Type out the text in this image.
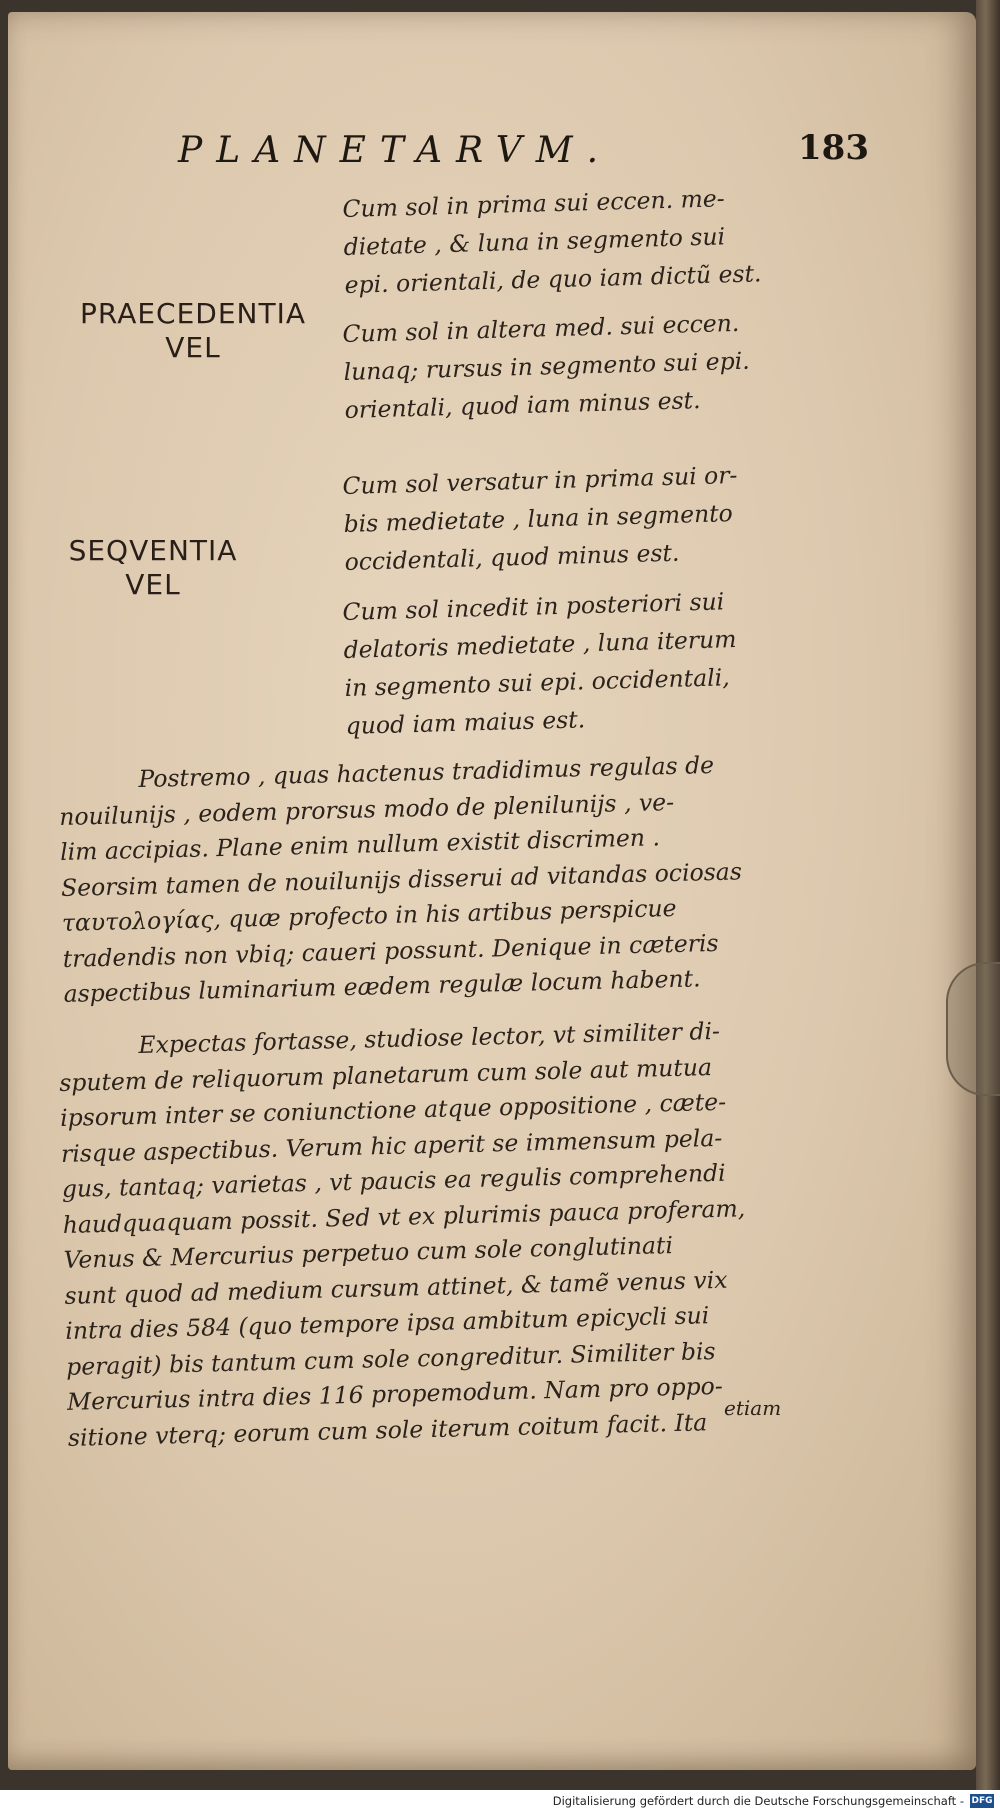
PLANETARVM.	183
PRAECEDENTIA
VEL
SEQVENTIA
VEL
Cum sol in prima sui eccen. me-
dietate , & luna in segmento sui
epi. orientali, de quo iam dictũ est.
Cum sol in altera med. sui eccen.
lunaq; rursus in segmento sui epi.
orientali, quod iam minus est.
Cum sol versatur in prima sui or-
bis medietate , luna in segmento
occidentali, quod minus est.
Cum sol incedit in posteriori sui
delatoris medietate , luna iterum
in segmento sui epi. occidentali,
quod iam maius est.
Postremo , quas hactenus tradidimus regulas de
nouilunijs , eodem prorsus modo de plenilunijs , ve-
lim accipias. Plane enim nullum existit discrimen .
Seorsim tamen de nouilunijs disserui ad vitandas ociosas
ταυτολογίας, quæ profecto in his artibus perspicue
tradendis non vbiq; caueri possunt. Denique in cæteris
aspectibus luminarium eædem regulæ locum habent.
Expectas fortasse, studiose lector, vt similiter di-
sputem de reliquorum planetarum cum sole aut mutua
ipsorum inter se coniunctione atque oppositione , cæte-
risque aspectibus. Verum hic aperit se immensum pela-
gus, tantaq; varietas , vt paucis ea regulis comprehendi
haudquaquam possit. Sed vt ex plurimis pauca proferam,
Venus & Mercurius perpetuo cum sole conglutinati
sunt quod ad medium cursum attinet, & tamẽ venus vix
intra dies 584 (quo tempore ipsa ambitum epicycli sui
peragit) bis tantum cum sole congreditur. Similiter bis
Mercurius intra dies 116 propemodum. Nam pro oppo-
sitione vterq; eorum cum sole iterum coitum facit. Ita etiam
Digitalisierung gefördert durch die Deutsche Forschungsgemeinschaft - DFG
